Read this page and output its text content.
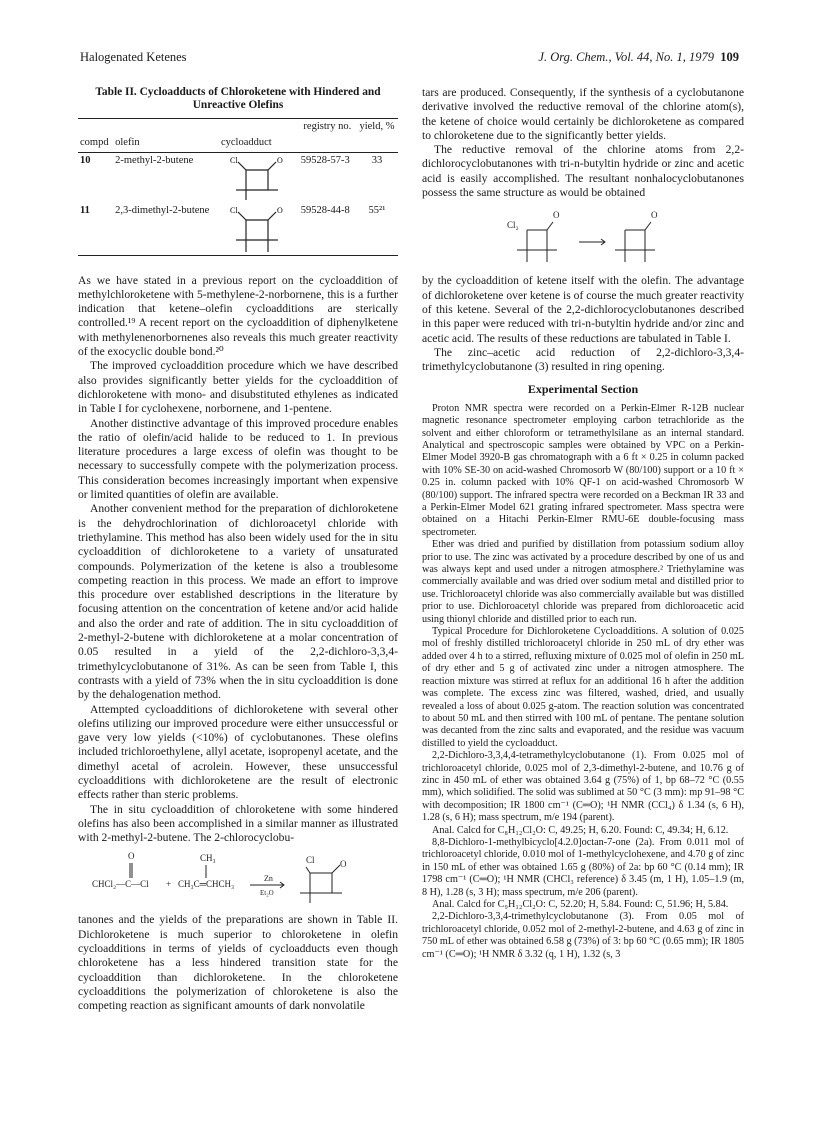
Halogenated Ketenes	J. Org. Chem., Vol. 44, No. 1, 1979 109
Table II. Cycloadducts of Chloroketene with Hindered and Unreactive Olefins
			registry no.	yield, %
compd	olefin	cycloadduct		
10	2-methyl-2-butene	Cl O	59528-57-3	33
11	2,3-dimethyl-2-butene	Cl O	59528-44-8	55²¹

As we have stated in a previous report on the cycloaddition of methylchloroketene with 5-methylene-2-norbornene, this is a further indication that ketene–olefin cycloadditions are sterically controlled.¹⁹ A recent report on the cycloaddition of diphenylketene with methylenenorbornenes also reveals this much greater reactivity of the exocyclic double bond.²⁰

The improved cycloaddition procedure which we have described also provides significantly better yields for the cycloaddition of dichloroketene with mono- and disubstituted ethylenes as indicated in Table I for cyclohexene, norbornene, and 1-pentene.

Another distinctive advantage of this improved procedure enables the ratio of olefin/acid halide to be reduced to 1. In previous literature procedures a large excess of olefin was thought to be necessary to successfully compete with the polymerization process. This consideration becomes increasingly important when expensive or limited quantities of olefin are available.

Another convenient method for the preparation of dichloroketene is the dehydrochlorination of dichloroacetyl chloride with triethylamine. This method has also been widely used for the in situ cycloaddition of dichloroketene to a variety of unsaturated compounds. Polymerization of the ketene is also a troublesome competing reaction in this process. We made an effort to improve this procedure over established descriptions in the literature by focusing attention on the concentration of ketene and/or acid halide and also the order and rate of addition. The in situ cycloaddition of 2-methyl-2-butene with dichloroketene at a molar concentration of 0.05 resulted in a yield of the 2,2-dichloro-3,3,4-trimethylcyclobutanone of 31%. As can be seen from Table I, this contrasts with a yield of 73% when the in situ cycloaddition is done by the dehalogenation method.

Attempted cycloadditions of dichloroketene with several other olefins utilizing our improved procedure were either unsuccessful or gave very low yields (<10%) of cyclobutanones. These olefins included trichloroethylene, allyl acetate, isopropenyl acetate, and the dimethyl acetal of acrolein. However, these unsuccessful cycloadditions with dichloroketene are the result of electronic effects rather than steric problems.

The in situ cycloaddition of chloroketene with some hindered olefins has also been accomplished in a similar manner as illustrated with 2-methyl-2-butene. The 2-chlorocyclobu-

O	CH₃
CHCl₂—C—Cl + CH₃C═CHCH₃
Zn
Et₂O
Cl	O

tanones and the yields of the preparations are shown in Table II. Dichloroketene is much superior to chloroketene in olefin cycloadditions in terms of yields of cycloadducts even though chloroketene has a less hindered transition state for the cycloaddition than dichloroketene. In the chloroketene cycloadditions the polymerization of chloroketene is also the competing reaction as significant amounts of dark nonvolatile

tars are produced. Consequently, if the synthesis of a cyclobutanone derivative involved the reductive removal of the chlorine atom(s), the ketene of choice would certainly be dichloroketene as compared to chloroketene due to the significantly better yields.

The reductive removal of the chlorine atoms from 2,2-dichlorocyclobutanones with tri-n-butyltin hydride or zinc and acetic acid is easily accomplished. The resultant nonhalocyclobutanones possess the same structure as would be obtained

Cl₂
O	O

by the cycloaddition of ketene itself with the olefin. The advantage of dichloroketene over ketene is of course the much greater reactivity of this ketene. Several of the 2,2-dichlorocyclobutanones described in this paper were reduced with tri-n-butyltin hydride and/or zinc and acetic acid. The results of these reductions are tabulated in Table I.

The zinc–acetic acid reduction of 2,2-dichloro-3,3,4-trimethylcyclobutanone (3) resulted in ring opening.

Experimental Section

Proton NMR spectra were recorded on a Perkin-Elmer R-12B nuclear magnetic resonance spectrometer employing carbon tetrachloride as the solvent and either chloroform or tetramethylsilane as an internal standard. Analytical and spectroscopic samples were obtained by VPC on a Perkin-Elmer Model 3920-B gas chromatograph with a 6 ft × 0.25 in column packed with 10% SE-30 on acid-washed Chromosorb W (80/100) support or a 10 ft × 0.25 in. column packed with 10% QF-1 on acid-washed Chromosorb W (80/100) support. The infrared spectra were recorded on a Beckman IR 33 and a Perkin-Elmer Model 621 grating infrared spectrometer. Mass spectra were obtained on a Hitachi Perkin-Elmer RMU-6E double-focusing mass spectrometer.

Ether was dried and purified by distillation from potassium sodium alloy prior to use. The zinc was activated by a procedure described by one of us and was always kept and used under a nitrogen atmosphere.² Triethylamine was commercially available and was dried over sodium metal and distilled prior to use. Trichloroacetyl chloride was also commercially available but was distilled prior to use. Dichloroacetyl chloride was prepared from dichloroacetic acid using thionyl chloride and distilled prior to each run.

Typical Procedure for Dichloroketene Cycloadditions. A solution of 0.025 mol of freshly distilled trichloroacetyl chloride in 250 mL of dry ether was added over 4 h to a stirred, refluxing mixture of 0.025 mol of olefin in 250 mL of dry ether and 5 g of activated zinc under a nitrogen atmosphere. The reaction mixture was stirred at reflux for an additional 16 h after the addition was complete. The excess zinc was filtered, washed, dried, and usually revealed a loss of about 0.025 g-atom. The reaction solution was concentrated to about 50 mL and then stirred with 100 mL of pentane. The pentane solution was decanted from the zinc salts and evaporated, and the residue was vacuum distilled to yield the cycloadduct.

2,2-Dichloro-3,3,4,4-tetramethylcyclobutanone (1). From 0.025 mol of trichloroacetyl chloride, 0.025 mol of 2,3-dimethyl-2-butene, and 10.76 g of zinc in 450 mL of ether was obtained 3.64 g (75%) of 1, bp 68–72 °C (0.55 mm), which solidified. The solid was sublimed at 50 °C (3 mm): mp 91–98 °C with decomposition; IR 1800 cm⁻¹ (C═O); ¹H NMR (CCl₄) δ 1.34 (s, 6 H), 1.28 (s, 6 H); mass spectrum, m/e 194 (parent).

Anal. Calcd for C₈H₁₂Cl₂O: C, 49.25; H, 6.20. Found: C, 49.34; H, 6.12.

8,8-Dichloro-1-methylbicyclo[4.2.0]octan-7-one (2a). From 0.011 mol of trichloroacetyl chloride, 0.010 mol of 1-methylcyclohexene, and 4.70 g of zinc in 150 mL of ether was obtained 1.65 g (80%) of 2a: bp 60 °C (0.14 mm); IR 1798 cm⁻¹ (C═O); ¹H NMR (CHCl₃ reference) δ 3.45 (m, 1 H), 1.05–1.9 (m, 8 H), 1.28 (s, 3 H); mass spectrum, m/e 206 (parent).

Anal. Calcd for C₉H₁₂Cl₂O: C, 52.20; H, 5.84. Found: C, 51.96; H, 5.84.

2,2-Dichloro-3,3,4-trimethylcyclobutanone (3). From 0.05 mol of trichloroacetyl chloride, 0.052 mol of 2-methyl-2-butene, and 4.63 g of zinc in 750 mL of ether was obtained 6.58 g (73%) of 3: bp 60 °C (0.65 mm); IR 1805 cm⁻¹ (C═O); ¹H NMR δ 3.32 (q, 1 H), 1.32 (s, 3
